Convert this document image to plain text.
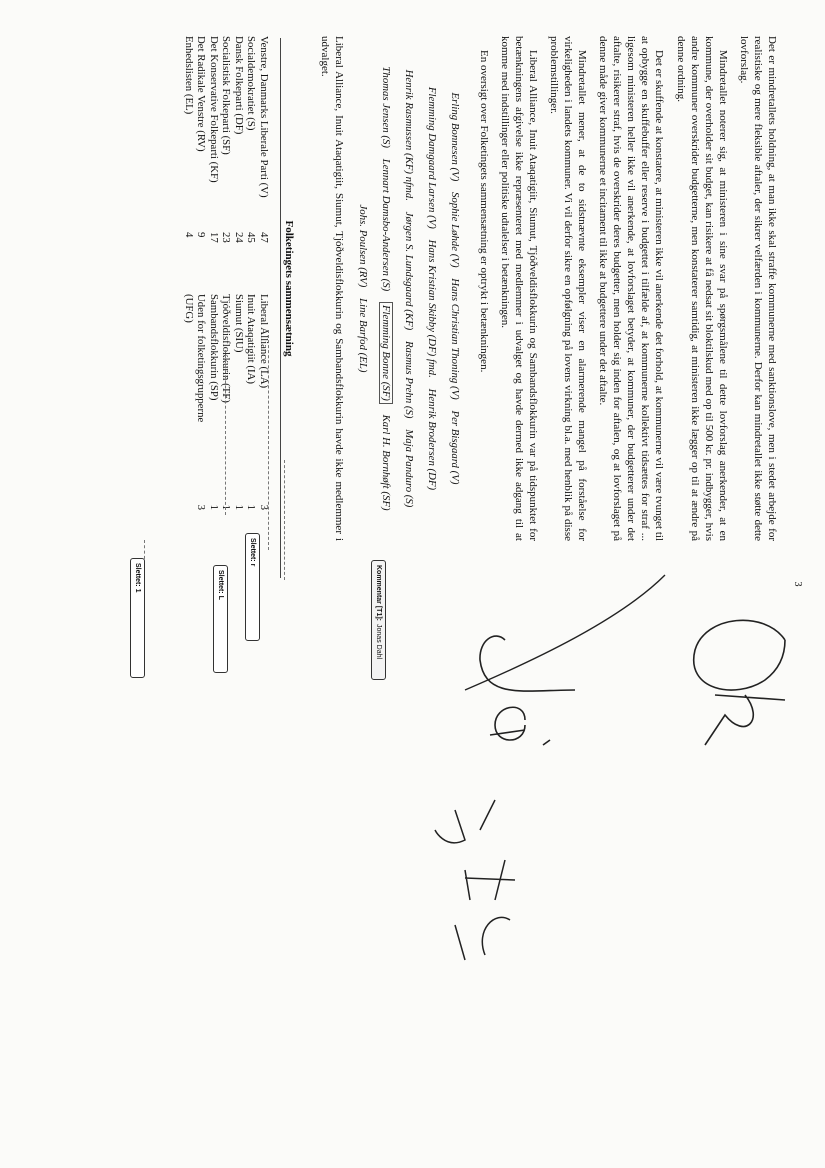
3

Det er mindretallets holdning, at man ikke skal straffe kommunerne med sanktionslove, men i stedet arbejde for realistiske og mere fleksible aftaler, der sikrer velfærden i kommunerne. Derfor kan mindretallet ikke støtte dette lovforslag.

Mindretallet noterer sig, at ministeren i sine svar på spørgsmålene til dette lovforslag anerkender, at en kommune, der overholder sit budget, kan risikere at få nedsat sit bloktilskud med op til 500 kr. pr. indbygger, hvis andre kommuner overskrider budgetterne, men konstaterer samtidig, at ministeren ikke lægger op til at ændre på denne ordning.

Det er skuffende at konstatere, at ministeren ikke vil anerkende det forhold, at kommunerne vil være tvunget til at opbygge en skuffebuffer eller reserve i budgettet i tilfælde af, at kommunerne kollektivt tidsættes for straf ... ligesom ministeren heller ikke vil anerkende, at lovforslaget betyder, at kommuner, der budgetterer under det aftalte, risikerer straf, hvis de overskrider deres budgetter, men holder sig inden for aftalen, og at lovforslaget på denne måde giver kommunerne et incitament til ikke at budgettere under det aftalte.

Mindretallet mener, at de to sidstnævnte eksempler viser en alarmerende mangel på forståelse for virkeligheden i landets kommuner. Vi vil derfor sikre en opfølgning på lovens virkning bl.a. med henblik på disse problemstillinger.

Liberal Alliance, Inuit Ataqatigiit, Siumut, Tjóðveldisflokkurin og Sambandsflokkurin var på tidspunktet for betænkningens afgivelse ikke repræsenteret med medlemmer i udvalget og havde dermed ikke adgang til at komme med indstillinger eller politiske udtalelser i betænkningen.

En oversigt over Folketingets sammensætning er optrykt i betænkningen.

Erling Bonnesen (V) Sophie Løhde (V) Hans Christian Thoning (V) Per Bisgaard (V)
Flemming Damgaard Larsen (V) Hans Kristian Skibby (DF) fmd. Henrik Brodersen (DF)
Henrik Rasmussen (KF) nfmd. Jørgen S. Lundsgaard (KF) Rasmus Prehn (S) Maja Panduro (S)
Thomas Jensen (S) Lennart Damsbo-Andersen (S) Flemming Bonne (SF) Karl H. Bornhøft (SF)
Johs. Poulsen (RV) Line Barfod (EL)

Liberal Alliance, Inuit Ataqatigiit, Siumut, Tjóðveldisflokkurin og Sambandsflokkurin havde ikke medlemmer i udvalget.

Folketingets sammensætning
Venstre, Danmarks Liberale Parti (V)	47	Liberal Alliance (LA)	3
Socialdemokratiet (S)	45	Inuit Ataqatigiit (IA)	1
Dansk Folkeparti (DF)	24	Siumut (SIU)	1
Socialistisk Folkeparti (SF)	23	Tjóðveldisflokkurin (TF)	1
Det Konservative Folkeparti (KF)	17	Sambandsflokkurin (SP)	1
Det Radikale Venstre (RV)	9	Uden for folketingsgrupperne	3
Enhedslisten (EL)	4	(UFG)	
Slettet: r
Slettet: L	Kommentar [T1]:Jonas Dahl
Slettet: 1
